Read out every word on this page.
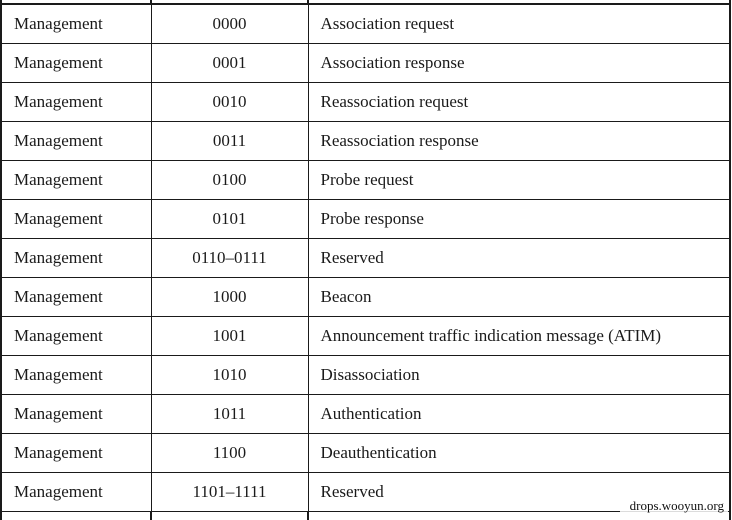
Management	0000	Association request
Management	0001	Association response
Management	0010	Reassociation request
Management	0011	Reassociation response
Management	0100	Probe request
Management	0101	Probe response
Management	0110–0111	Reserved
Management	1000	Beacon
Management	1001	Announcement traffic indication message (ATIM)
Management	1010	Disassociation
Management	1011	Authentication
Management	1100	Deauthentication
Management	1101–1111	Reserved

drops.wooyun.org
